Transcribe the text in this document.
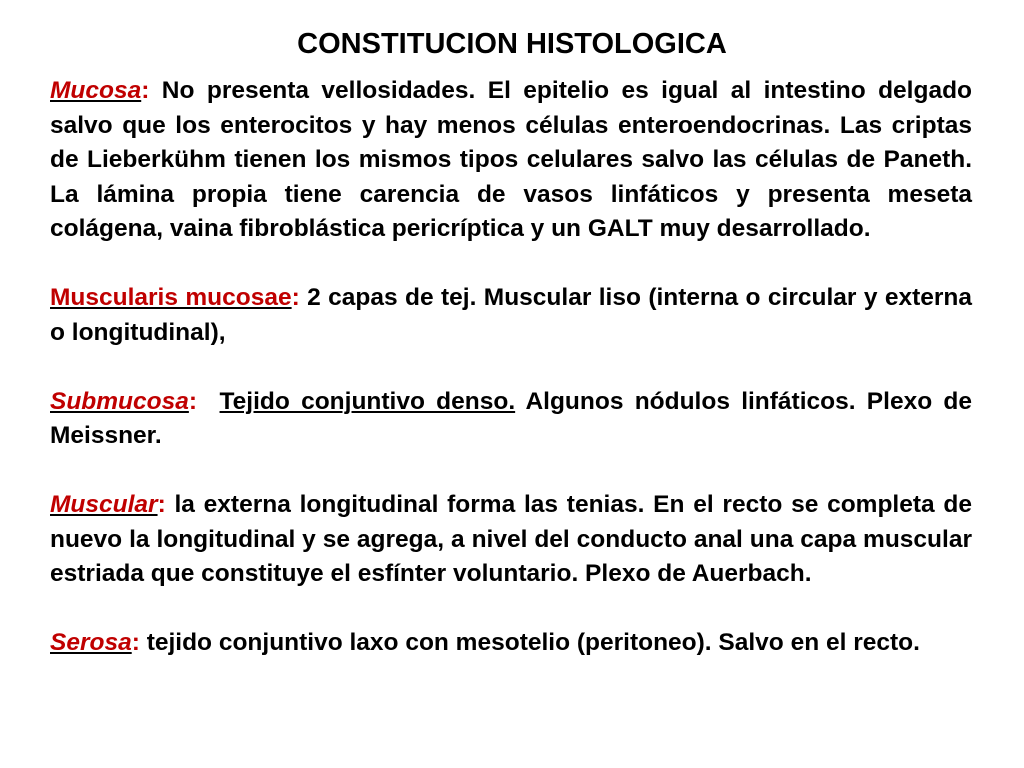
CONSTITUCION HISTOLOGICA

Mucosa: No presenta vellosidades. El epitelio es igual al intestino delgado salvo que los enterocitos y hay menos células enteroendocrinas. Las criptas de Lieberkühm tienen los mismos tipos celulares salvo las células de Paneth. La lámina propia tiene carencia de vasos linfáticos y presenta meseta colágena, vaina fibroblástica pericríptica y un GALT muy desarrollado.

Muscularis mucosae: 2 capas de tej. Muscular liso (interna o circular y externa o longitudinal),

Submucosa: Tejido conjuntivo denso. Algunos nódulos linfáticos. Plexo de Meissner.

Muscular: la externa longitudinal forma las tenias. En el recto se completa de nuevo la longitudinal y se agrega, a nivel del conducto anal una capa muscular estriada que constituye el esfínter voluntario. Plexo de Auerbach.

Serosa: tejido conjuntivo laxo con mesotelio (peritoneo). Salvo en el recto.
